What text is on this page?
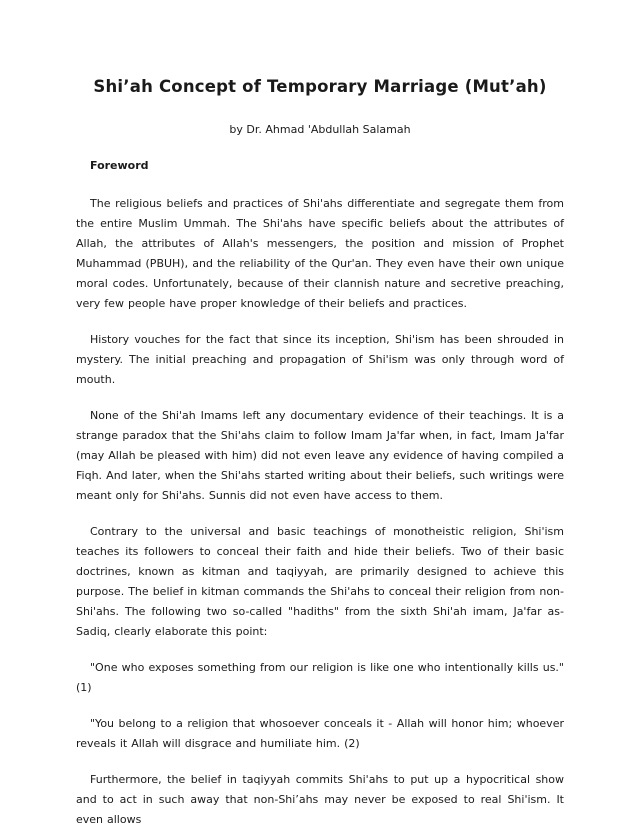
Shi’ah Concept of Temporary Marriage (Mut’ah)

by Dr. Ahmad 'Abdullah Salamah

Foreword

The religious beliefs and practices of Shi'ahs differentiate and segregate them from the entire Muslim Ummah. The Shi'ahs have specific beliefs about the attributes of Allah, the attributes of Allah's messengers, the position and mission of Prophet Muhammad (PBUH), and the reliability of the Qur'an. They even have their own unique moral codes. Unfortunately, because of their clannish nature and secretive preaching, very few people have proper knowledge of their beliefs and practices.

History vouches for the fact that since its inception, Shi'ism has been shrouded in mystery. The initial preaching and propagation of Shi'ism was only through word of mouth.

None of the Shi'ah Imams left any documentary evidence of their teachings. It is a strange paradox that the Shi'ahs claim to follow Imam Ja'far when, in fact, Imam Ja'far (may Allah be pleased with him) did not even leave any evidence of having compiled a Fiqh. And later, when the Shi'ahs started writing about their beliefs, such writings were meant only for Shi'ahs. Sunnis did not even have access to them.

Contrary to the universal and basic teachings of monotheistic religion, Shi'ism teaches its followers to conceal their faith and hide their beliefs. Two of their basic doctrines, known as kitman and taqiyyah, are primarily designed to achieve this purpose. The belief in kitman commands the Shi'ahs to conceal their religion from non-Shi'ahs. The following two so-called "hadiths" from the sixth Shi'ah imam, Ja'far as-Sadiq, clearly elaborate this point:

"One who exposes something from our religion is like one who intentionally kills us." (1)

"You belong to a religion that whosoever conceals it - Allah will honor him; whoever reveals it Allah will disgrace and humiliate him. (2)

Furthermore, the belief in taqiyyah commits Shi'ahs to put up a hypocritical show and to act in such away that non-Shi’ahs may never be exposed to real Shi'ism. It even allows
